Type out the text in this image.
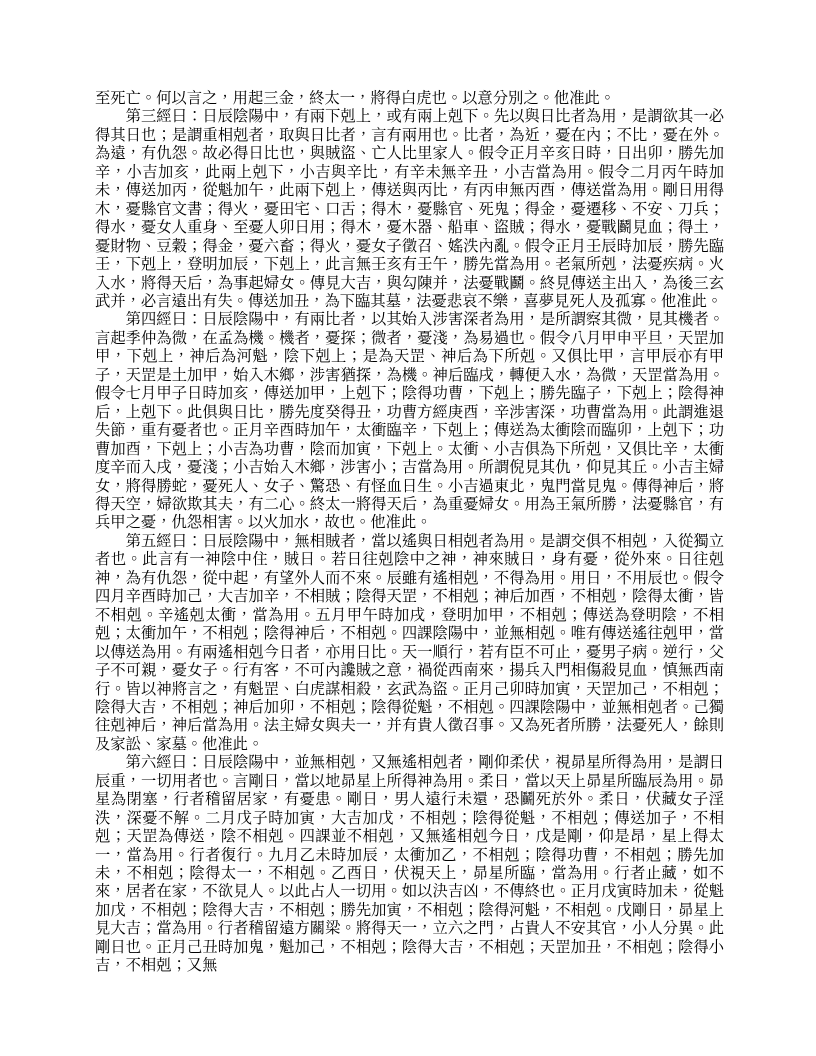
至死亡。何以言之，用起三金，終太一，將得白虎也。以意分別之。他准此。

第三經曰：日辰陰陽中，有兩下剋上，或有兩上剋下。先以與日比者為用，是謂欲其一必得其日也；是謂重相剋者，取與日比者，言有兩用也。比者，為近，憂在內；不比，憂在外。為遠，有仇怨。故必得日比也，與賊盜、亡人比里家人。假令正月辛亥日時，日出卯，勝先加辛，小吉加亥，此兩上剋下，小吉與辛比，有辛未無辛丑，小吉當為用。假令二月丙午時加未，傳送加丙，從魁加午，此兩下剋上，傳送與丙比，有丙申無丙酉，傳送當為用。剛日用得木，憂縣官文書；得火，憂田宅、口舌；得木，憂縣官、死鬼；得金，憂遷移、不安、刀兵；得水，憂女人重身、至憂人卯日用；得木，憂木器、船車、盜賊；得水，憂戰鬬見血；得土，憂財物、豆穀；得金，憂六畜；得火，憂女子徵召、媱泆內亂。假令正月壬辰時加辰，勝先臨壬，下剋上，登明加辰，下剋上，此言無壬亥有壬午，勝先當為用。老氣所剋，法憂疾病。火入水，將得天后，為事起婦女。傳見大吉，與勾陳并，法憂戰鬬。終見傳送主出入，為後三玄武并，必言遠出有失。傳送加丑，為下臨其墓，法憂悲哀不樂，喜夢見死人及孤寡。他准此。

第四經曰：日辰陰陽中，有兩比者，以其始入涉害深者為用，是所謂察其微，見其機者。言起季仲為微，在孟為機。機者，憂探；微者，憂淺，為易過也。假令八月甲申平旦，天罡加甲，下剋上，神后為河魁，陰下剋上；是為天罡、神后為下所剋。又俱比甲，言甲辰亦有甲子，天罡是土加甲，始入木鄉，涉害猶探，為機。神后臨戌，轉便入水，為微，天罡當為用。假令七月甲子日時加亥，傳送加甲，上剋下；陰得功曹，下剋上；勝先臨子，下剋上；陰得神后，上剋下。此俱與日比，勝先度癸得丑，功曹方經庚酉，辛涉害深，功曹當為用。此謂進退失節，重有憂者也。正月辛酉時加午，太衝臨辛，下剋上；傳送為太衝陰而臨卯，上剋下；功曹加酉，下剋上；小吉為功曹，陰而加寅，下剋上。太衝、小吉俱為下所剋，又俱比辛，太衝度辛而入戌，憂淺；小吉始入木鄉，涉害小；吉當為用。所謂倪見其仇，仰見其丘。小吉主婦女，將得勝蛇，憂死人、女子、驚恐、有怪血日生。小吉過東北，鬼門當見鬼。傳得神后，將得天空，婦欲欺其夫，有二心。終太一將得天后，為重憂婦女。用為王氣所勝，法憂縣官，有兵甲之憂，仇怨相害。以火加水，故也。他准此。

第五經曰：日辰陰陽中，無相賊者，當以遙與日相剋者為用。是謂交俱不相剋，入從獨立者也。此言有一神陰中住，賊日。若日往剋陰中之神，神來賊日，身有憂，從外來。日往剋神，為有仇怨，從中起，有望外人而不來。辰雖有遙相剋，不得為用。用日，不用辰也。假令四月辛酉時加己，大吉加辛，不相賊；陰得天罡，不相剋；神后加酉，不相剋，陰得太衝，皆不相剋。辛遙剋太衝，當為用。五月甲午時加戌，登明加甲，不相剋；傳送為登明陰，不相剋；太衝加午，不相剋；陰得神后，不相剋。四課陰陽中，並無相剋。唯有傳送遙往剋甲，當以傳送為用。有兩遙相剋今日者，亦用日比。天一順行，若有臣不可止，憂男子病。逆行，父子不可親，憂女子。行有客，不可內讒賊之意，禍從西南來，揚兵入門相傷殺見血，慎無西南行。皆以神將言之，有魁罡、白虎謀相殺，玄武為盜。正月己卯時加寅，天罡加己，不相剋；陰得大吉，不相剋；神后加卯，不相剋；陰得從魁，不相剋。四課陰陽中，並無相剋者。己獨往剋神后，神后當為用。法主婦女與夫一，并有貴人徵召事。又為死者所勝，法憂死人，餘則及家訟、家墓。他准此。

第六經曰：日辰陰陽中，並無相剋，又無遙相剋者，剛仰柔伏，視昴星所得為用，是謂日辰重，一切用者也。言剛日，當以地昴星上所得神為用。柔日，當以天上昴星所臨辰為用。昴星為閉塞，行者稽留居家，有憂患。剛日，男人遠行未還，恐鬭死於外。柔日，伏藏女子淫泆，深憂不解。二月戊子時加寅，大吉加戊，不相剋；陰得從魁，不相剋；傳送加子，不相剋；天罡為傳送，陰不相剋。四課並不相剋，又無遙相剋今日，戊是剛，仰是昂，星上得太一，當為用。行者復行。九月乙未時加辰，太衝加乙，不相剋；陰得功曹，不相剋；勝先加未，不相剋；陰得太一，不相剋。乙酉日，伏視天上，昴星所臨，當為用。行者止藏，如不來，居者在家，不欲見人。以此占人一切用。如以決吉凶，不傳終也。正月戊寅時加未，從魁加戊，不相剋；陰得大吉，不相剋；勝先加寅，不相剋；陰得河魁，不相剋。戊剛日，昴星上見大吉；當為用。行者稽留遠方關梁。將得天一，立六之門，占貴人不安其官，小人分異。此剛日也。正月己丑時加鬼，魁加己，不相剋；陰得大吉，不相剋；天罡加丑，不相剋；陰得小吉，不相剋；又無
